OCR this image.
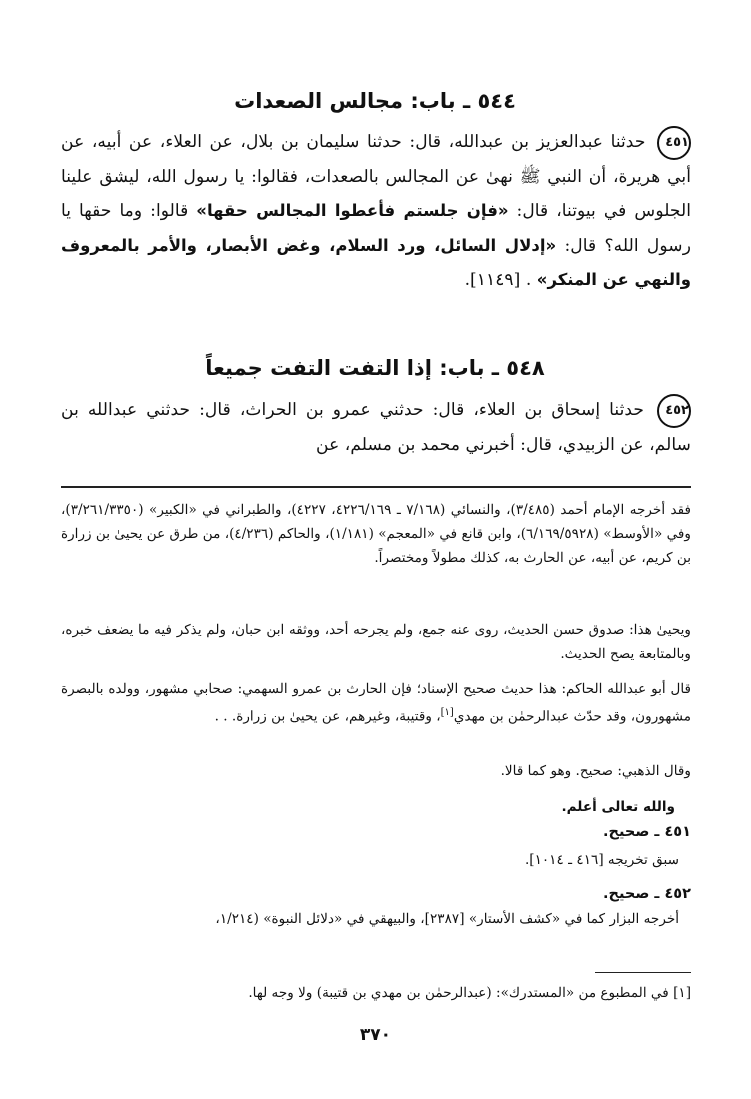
٥٤٤ ـ باب: مجالس الصعدات
٤٥١ حدثنا عبدالعزيز بن عبدالله، قال: حدثنا سليمان بن بلال، عن العلاء، عن أبيه، عن أبي هريرة، أن النبي ﷺ نهىٰ عن المجالس بالصعدات، فقالوا: يا رسول الله، ليشق علينا الجلوس في بيوتنا، قال: «فإن جلستم فأعطوا المجالس حقها» قالوا: وما حقها يا رسول الله؟ قال: «إدلال السائل، ورد السلام، وغض الأبصار، والأمر بالمعروف والنهي عن المنكر» . [١١٤٩].
٥٤٨ ـ باب: إذا التفت التفت جميعاً
٤٥٢ حدثنا إسحاق بن العلاء، قال: حدثني عمرو بن الحراث، قال: حدثني عبدالله بن سالم، عن الزبيدي، قال: أخبرني محمد بن مسلم، عن
فقد أخرجه الإمام أحمد (٣/٤٨٥)، والنسائي (٧/١٦٨ ـ ٤٢٢٦/١٦٩، ٤٢٢٧)، والطبراني في «الكبير» (٣/٢٦١/٣٣٥٠)، وفي «الأوسط» (٦/١٦٩/٥٩٢٨)، وابن قانع في «المعجم» (١/١٨١)، والحاكم (٤/٢٣٦)، من طرق عن يحيىٰ بن زرارة بن كريم، عن أبيه، عن الحارث به، كذلك مطولاً ومختصراً.
ويحيىٰ هذا: صدوق حسن الحديث، روى عنه جمع، ولم يجرحه أحد، ووثقه ابن حبان، ولم يذكر فيه ما يضعف خبره، وبالمتابعة يصح الحديث.
قال أبو عبدالله الحاكم: هذا حديث صحيح الإسناد؛ فإن الحارث بن عمرو السهمي: صحابي مشهور، وولده بالبصرة مشهورون، وقد حدّث عبدالرحمٰن بن مهدي[١]، وقتيبة، وغيرهم، عن يحيىٰ بن زرارة. . .
وقال الذهبي: صحيح. وهو كما قالا.
والله تعالى أعلم.
٤٥١ ـ صحيح.
سبق تخريجه [٤١٦ ـ ١٠١٤].
٤٥٢ ـ صحيح.
أخرجه البزار كما في «كشف الأستار» [٢٣٨٧]، والبيهقي في «دلائل النبوة» (١/٢١٤،
[١] في المطبوع من «المستدرك»: (عبدالرحمٰن بن مهدي بن قتيبة) ولا وجه لها.
٣٧٠
